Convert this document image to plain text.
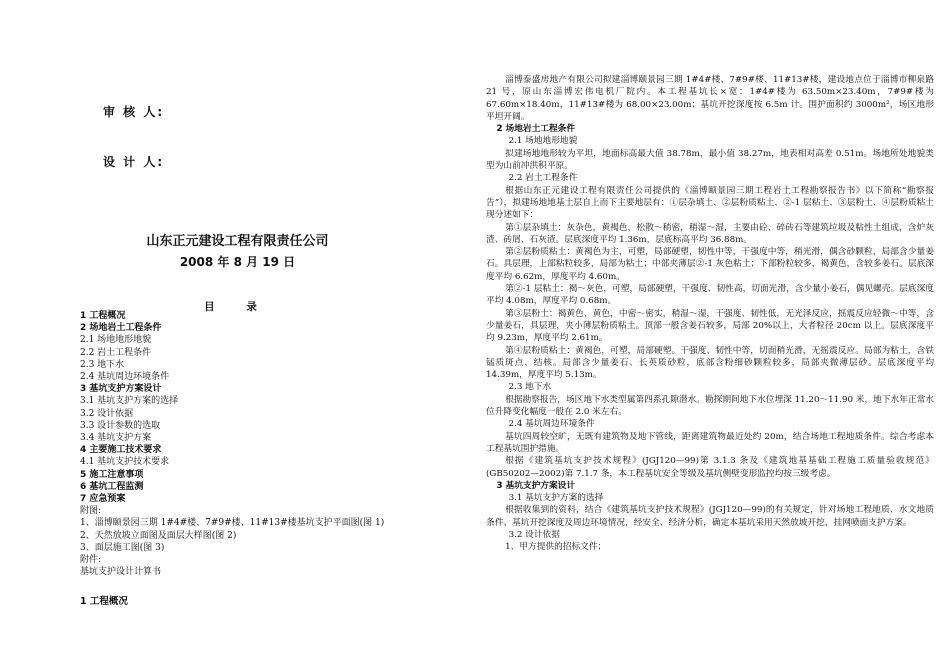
审 核 人:
设 计 人:
山东正元建设工程有限责任公司
2008 年 8 月 19 日
目 录
1 工程概况
2 场地岩土工程条件
2.1 场地地形地貌
2.2 岩土工程条件
2.3 地下水
2.4 基坑周边环境条件
3 基坑支护方案设计
3.1 基坑支护方案的选择
3.2 设计依据
3.3 设计参数的选取
3.4 基坑支护方案
4 主要施工技术要求
4.1 基坑支护技术要求
5 施工注意事项
6 基坑工程监测
7 应急预案
附图:
1、淄博颐景园三期 1#4#楼、7#9#楼、11#13#楼基坑支护平面图(图 1)
2、天然放坡立面图及面层大样图(图 2)
3、面层施工图(图 3)
附件:
基坑支护设计计算书
1 工程概况

淄博泰盛房地产有限公司拟建淄博颐景园三期 1#4#楼、7#9#楼、11#13#楼，建设地点位于淄博市柳泉路 21 号，原山东淄博宏伟电机厂院内。本工程基坑长×宽：1#4#楼为 63.50m×23.40m，7#9#楼为 67.60m×18.40m，11#13#楼为 68.00×23.00m；基坑开挖深度按 6.5m 计。围护面积约 3000m²，场区地形平坦开阔。

2 场地岩土工程条件

2.1 场地地形地貌

拟建场地地形较为平坦，地面标高最大值 38.78m，最小值 38.27m，地表相对高差 0.51m。场地所处地貌类型为山前冲洪积平原。

2.2 岩土工程条件

根据山东正元建设工程有限责任公司提供的《淄博颐景园三期工程岩土工程勘察报告书》以下简称“勘察报告”），拟建场地地基土层自上而下主要地层有：①层杂填土、②层粉质粘土、②-1 层粘土、③层粉土、④层粉质粘土现分述如下：

第①层杂填土：灰杂色，黄褐色，松散～稍密，稍湿～湿，主要由砼、碎砖石等建筑垃圾及粘性土组成，含炉灰渣、砖屑、石灰渣。层底深度平均 1.36m，层底标高平均 36.88m。

第②层粉质粘土：黄褐色为主，可塑，局部硬塑，韧性中等，干强度中等，稍光滑，偶含砂颗粒，局部含少量姜石。具层理，上部粘粒较多，局部为粘土；中部夹薄层②-1 灰色粘土；下部粉粒较多，褐黄色，含较多姜石。层底深度平均 6.62m，厚度平均 4.60m。

第②-1 层粘土：褐～灰色，可塑，局部硬塑，干强度、韧性高，切面光滑，含少量小姜石，偶见螺壳。层底深度平均 4.08m，厚度平均 0.68m。

第③层粉土：褐黄色、黄色，中密～密实，稍湿～湿，干强度、韧性低，无光泽反应，摇震反应轻微～中等，含少量姜石，具层理，夹小薄层粉质粘土。顶部一般含姜石较多，局部 20%以上，大者粒径 20cm 以上。层底深度平均 9.23m，厚度平均 2.61m。

第④层粉质粘土：黄褐色，可塑，局部硬塑。干强度、韧性中等，切面稍光滑，无摇震反应。局部为粘土，含铁锰质斑点、结核。局部含少量姜石、长英质砂粒，底部含粉细砂颗粒较多，局部夹微薄层砂。层底深度平均 14.39m，厚度平均 5.13m。

2.3 地下水

根据勘察报告，场区地下水类型属第四系孔隙潜水。勘探期间地下水位埋深 11.20～11.90 米，地下水年正常水位升降变化幅度一般在 2.0 米左右。

2.4 基坑周边环境条件

基坑四周较空旷，无既有建筑物及地下管线，距离建筑物最近处约 20m，结合场地工程地质条件。综合考虑本工程基坑围护措施。

根据《建筑基坑支护技术规程》(JGJ120—99)第 3.1.3 条及《建筑地基基础工程施工质量验收规范》(GB50202—2002)第 7.1.7 条，本工程基坑安全等级及基坑侧壁变形监控均按三级考虑。

3 基坑支护方案设计

3.1 基坑支护方案的选择

根据收集到的资料，结合《建筑基坑支护技术规程》(JGJ120—99)的有关规定，针对场地工程地质、水文地质条件、基坑开挖深度及周边环境情况，经安全、经济分析，确定本基坑采用天然放坡开挖，挂网喷面支护方案。

3.2 设计依据

1、甲方提供的招标文件；
